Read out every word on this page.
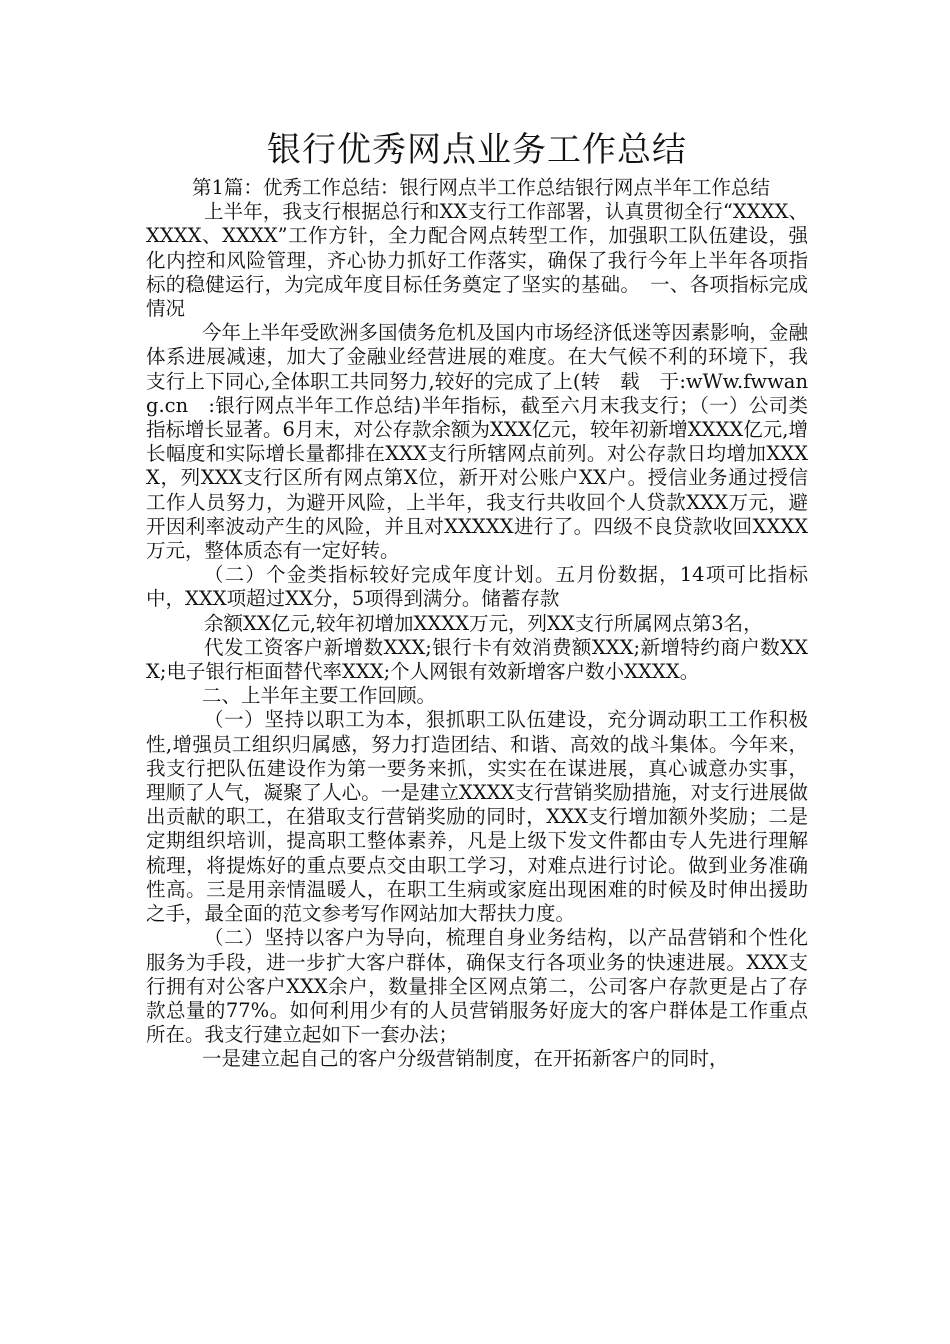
银行优秀网点业务工作总结

第1篇：优秀工作总结：银行网点半工作总结银行网点半年工作总结

上半年，我支行根据总行和XX支行工作部署，认真贯彻全行“XXXX、XXXX、XXXX”工作方针，全力配合网点转型工作，加强职工队伍建设，强化内控和风险管理，齐心协力抓好工作落实，确保了我行今年上半年各项指标的稳健运行，为完成年度目标任务奠定了坚实的基础。　一、各项指标完成情况

今年上半年受欧洲多国债务危机及国内市场经济低迷等因素影响，金融体系进展减速，加大了金融业经营进展的难度。在大气候不利的环境下，我支行上下同心,全体职工共同努力,较好的完成了上(转　载　于:wWw.fwwang.cn　:银行网点半年工作总结)半年指标，截至六月末我支行；（一）公司类指标增长显著。6月末，对公存款余额为XXX亿元，较年初新增XXXX亿元,增长幅度和实际增长量都排在XXX支行所辖网点前列。对公存款日均增加XXXX，列XXX支行区所有网点第X位，新开对公账户XX户。授信业务通过授信工作人员努力，为避开风险，上半年，我支行共收回个人贷款XXX万元，避开因利率波动产生的风险，并且对XXXXX进行了。四级不良贷款收回XXXX万元，整体质态有一定好转。

（二）个金类指标较好完成年度计划。五月份数据，14项可比指标中，XXX项超过XX分，5项得到满分。储蓄存款

余额XX亿元,较年初增加XXXX万元，列XX支行所属网点第3名，

代发工资客户新增数XXX;银行卡有效消费额XXX;新增特约商户数XXX;电子银行柜面替代率XXX;个人网银有效新增客户数小XXXX。

二、上半年主要工作回顾。

（一）坚持以职工为本，狠抓职工队伍建设，充分调动职工工作积极性,增强员工组织归属感，努力打造团结、和谐、高效的战斗集体。今年来，我支行把队伍建设作为第一要务来抓，实实在在谋进展，真心诚意办实事，理顺了人气，凝聚了人心。一是建立XXXX支行营销奖励措施，对支行进展做出贡献的职工，在猎取支行营销奖励的同时，XXX支行增加额外奖励；二是定期组织培训，提高职工整体素养，凡是上级下发文件都由专人先进行理解梳理，将提炼好的重点要点交由职工学习，对难点进行讨论。做到业务准确性高。三是用亲情温暖人，在职工生病或家庭出现困难的时候及时伸出援助之手，最全面的范文参考写作网站加大帮扶力度。

（二）坚持以客户为导向，梳理自身业务结构，以产品营销和个性化服务为手段，进一步扩大客户群体，确保支行各项业务的快速进展。XXX支行拥有对公客户XXX余户，数量排全区网点第二，公司客户存款更是占了存款总量的77%。如何利用少有的人员营销服务好庞大的客户群体是工作重点所在。我支行建立起如下一套办法；

一是建立起自己的客户分级营销制度，在开拓新客户的同时，
